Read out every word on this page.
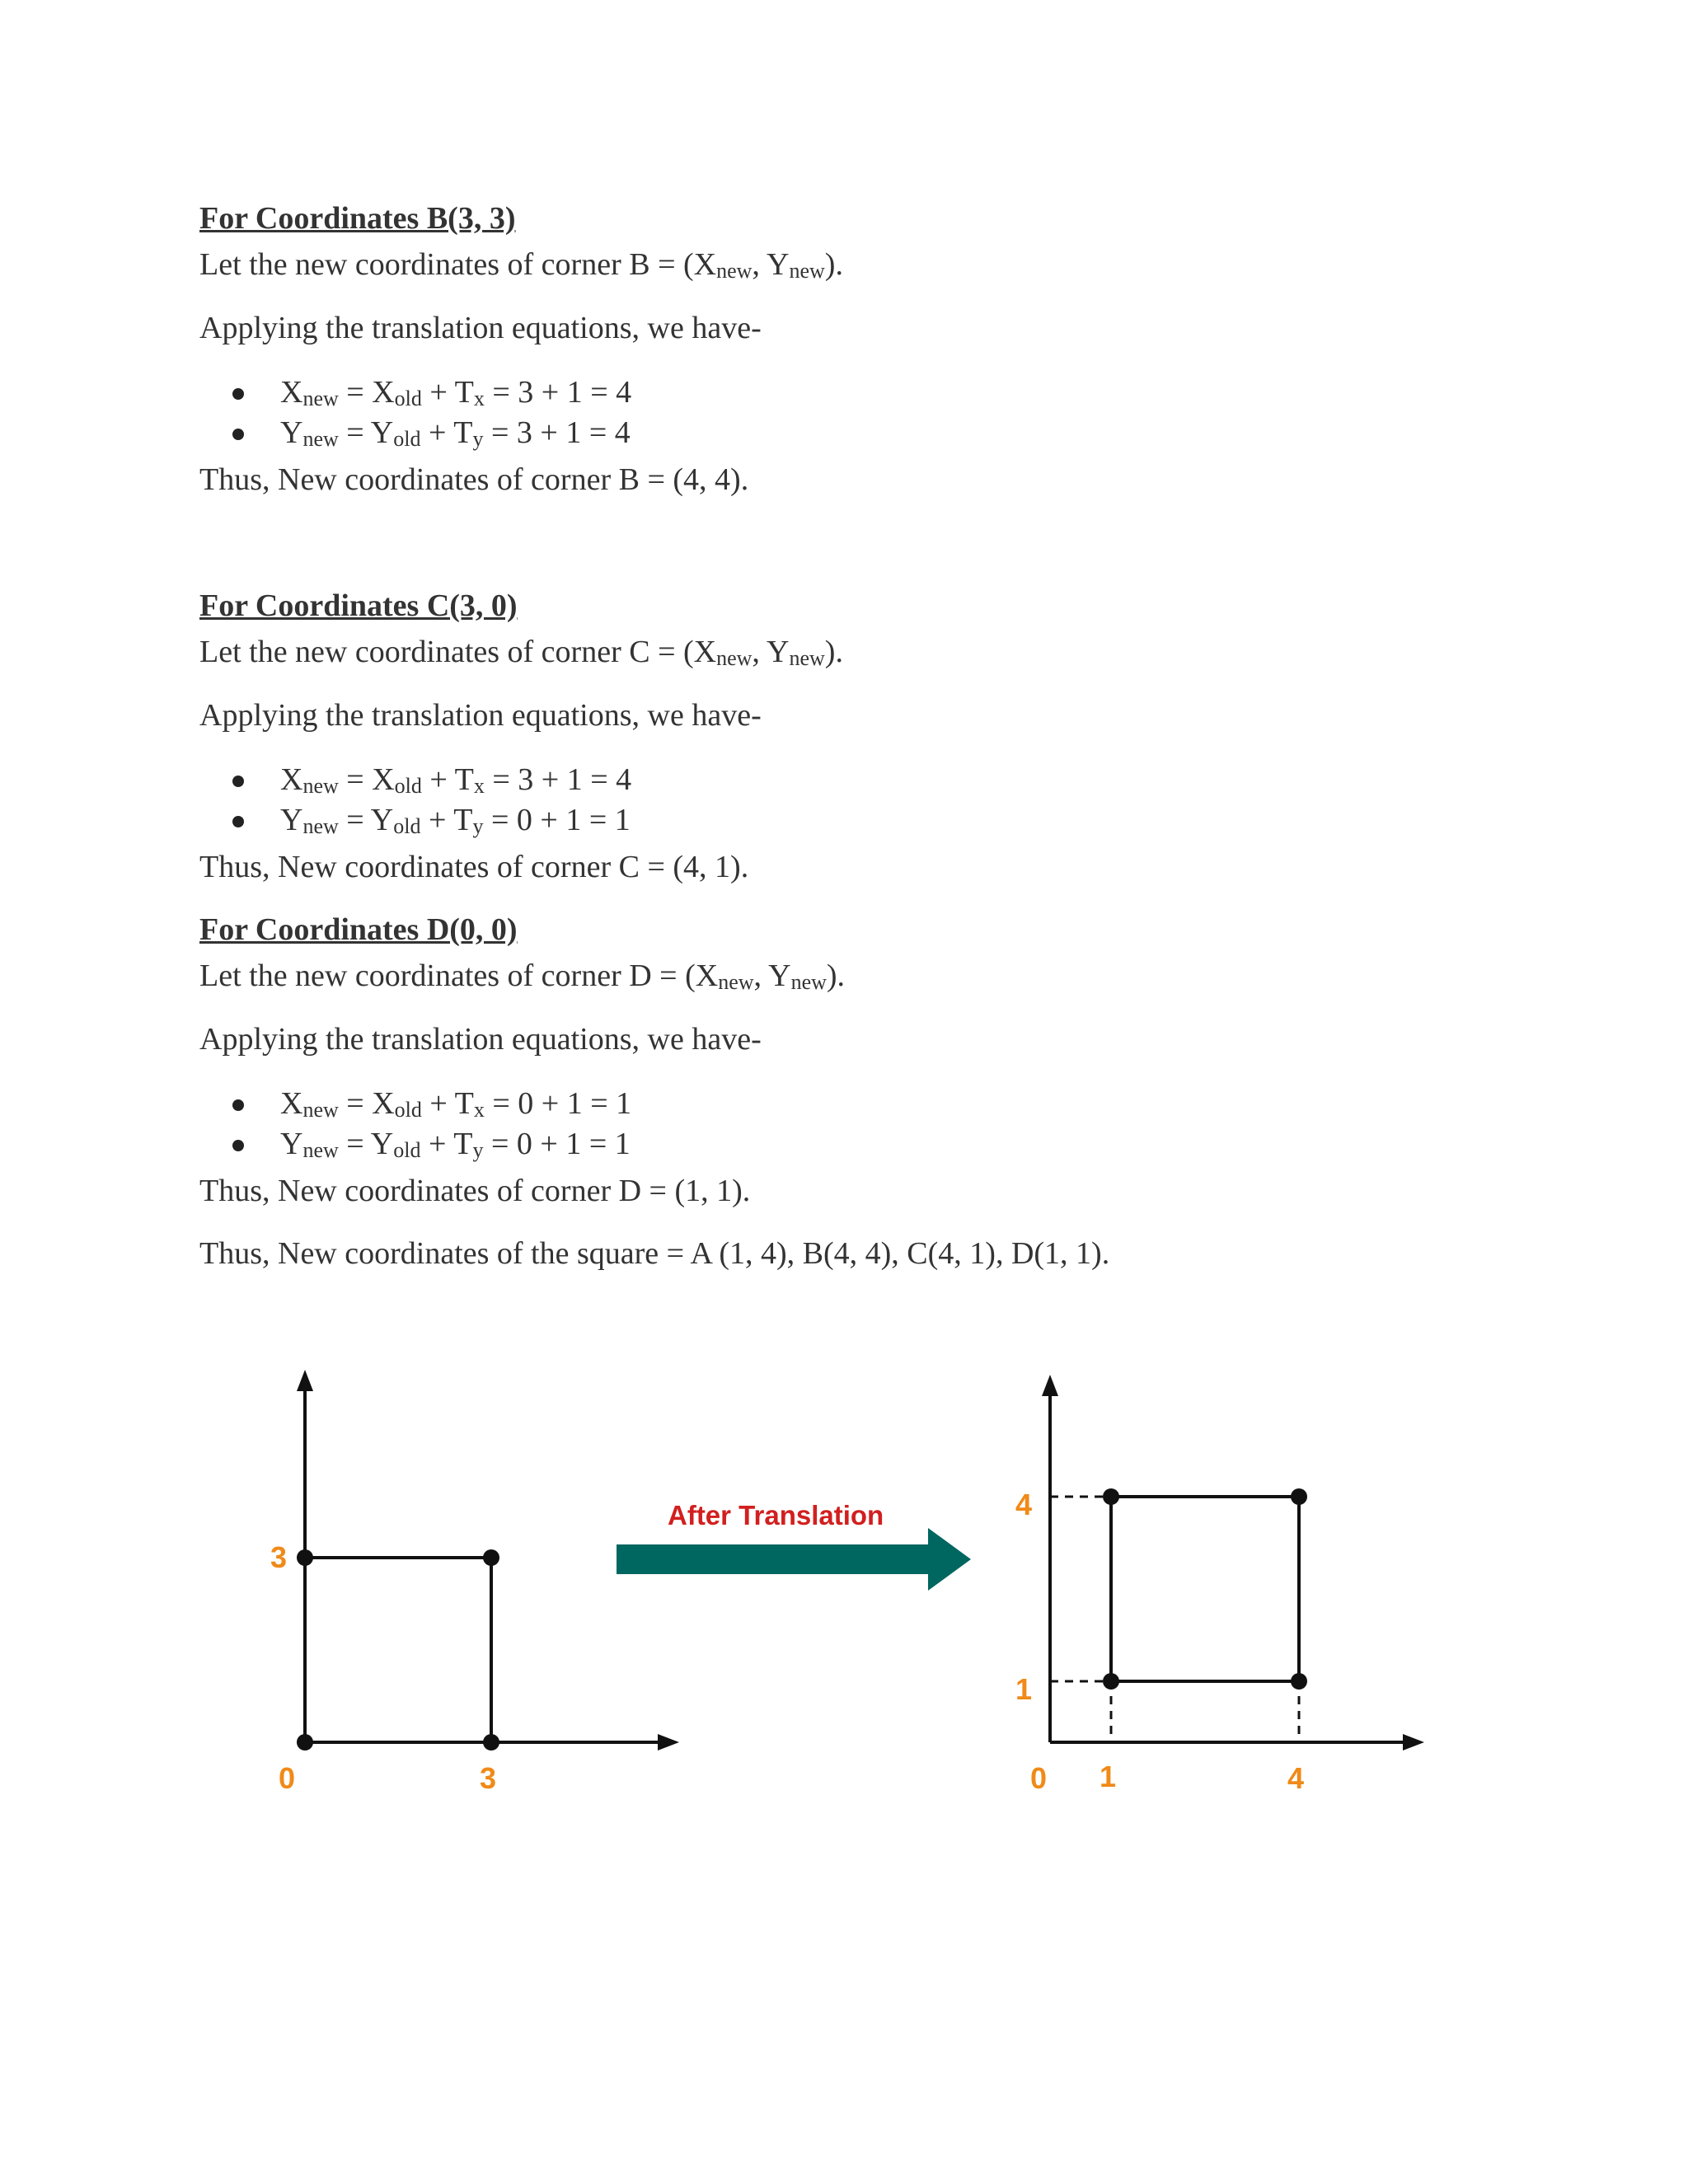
For Coordinates B(3, 3)
Let the new coordinates of corner $B = (X_{new}$, $Y_{new}$).
Applying the translation equations, we have-
$X_{new} = X_{old} + T_x = 3 + 1 = 4$
$Y_{new} = Y_{old} + T_y = 3 + 1 = 4$
Thus, New coordinates of corner B = (4, 4).
For Coordinates C(3, 0)
Let the new coordinates of corner $C = (X_{new}$, $Y_{new}$).
Applying the translation equations, we have-
$X_{new} = X_{old} + T_x = 3 + 1 = 4$
$Y_{new} = Y_{old} + T_y = 0 + 1 = 1$
Thus, New coordinates of corner C = (4, 1).
For Coordinates D(0, 0)
Let the new coordinates of corner $D = (X_{new}$, $Y_{new}$).
Applying the translation equations, we have-
$X_{new} = X_{old} + T_x = 0 + 1 = 1$
$Y_{new} = Y_{old} + T_y = 0 + 1 = 1$
Thus, New coordinates of corner D = (1, 1).
Thus, New coordinates of the square = A (1, 4), B(4, 4), C(4, 1), D(1, 1).
3
0	3
After Translation	4
1
0 1	4
